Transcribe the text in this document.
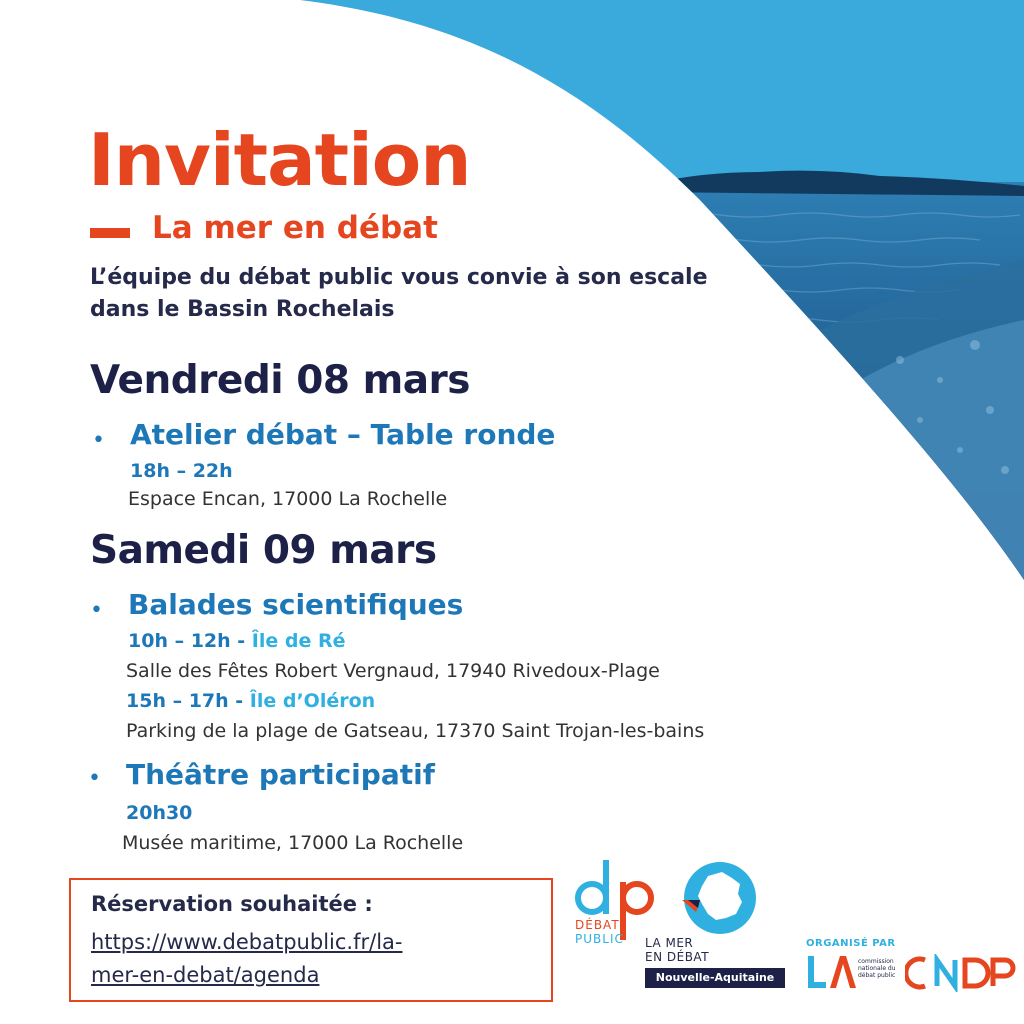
Invitation
La mer en débat

L’équipe du débat public vous convie à son escale dans le Bassin Rochelais

Vendredi 08 mars
• Atelier débat – Table ronde

18h – 22h

Espace Encan, 17000 La Rochelle

Samedi 09 mars
• Balades scientifiques

10h – 12h - Île de Ré

Salle des Fêtes Robert Vergnaud, 17940 Rivedoux-Plage

15h – 17h - Île d’Oléron

Parking de la plage de Gatseau, 17370 Saint Trojan-les-bains

• Théâtre participatif

20h30

Musée maritime, 17000 La Rochelle

Réservation souhaitée :

https://www.debatpublic.fr/la-
mer-en-debat/agenda

DÉBAT
PUBLIC LA MER
EN DÉBAT
Nouvelle-Aquitaine
ORGANISÉ PAR
commission nationale du débat public
